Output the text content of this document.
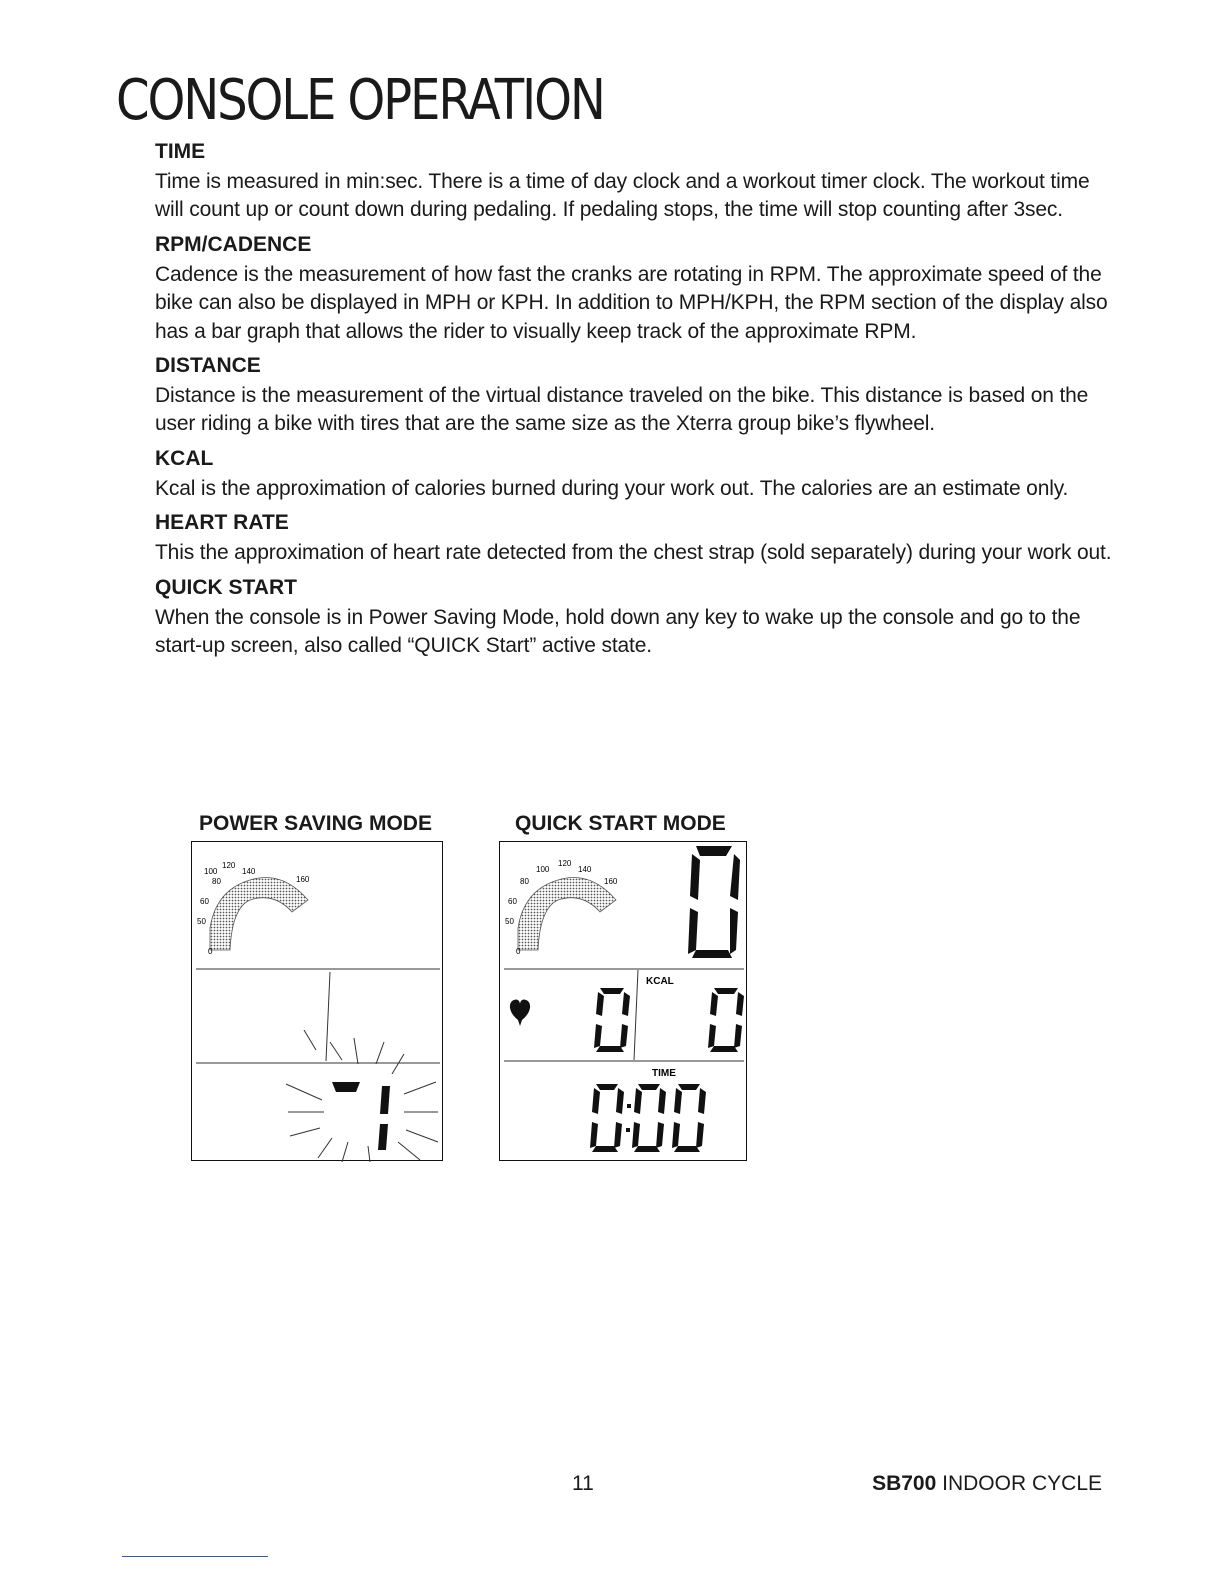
CONSOLE OPERATION
TIME

Time is measured in min:sec. There is a time of day clock and a workout timer clock. The workout time will count up or count down during pedaling. If pedaling stops, the time will stop counting after 3sec.

RPM/CADENCE

Cadence is the measurement of how fast the cranks are rotating in RPM. The approximate speed of the bike can also be displayed in MPH or KPH. In addition to MPH/KPH, the RPM section of the display also has a bar graph that allows the rider to visually keep track of the approximate RPM.

DISTANCE

Distance is the measurement of the virtual distance traveled on the bike. This distance is based on the user riding a bike with tires that are the same size as the Xterra group bike’s flywheel.

KCAL

Kcal is the approximation of calories burned during your work out. The calories are an estimate only.

HEART RATE

This the approximation of heart rate detected from the chest strap (sold separately) during your work out.

QUICK START

When the console is in Power Saving Mode, hold down any key to wake up the console and go to the start-up screen, also called “QUICK Start” active state.

POWER SAVING MODE
100
120
140
80	160
60
50
0
7
QUICK START MODE
100
120
140
80	160
60
50
0
0
KCAL
0	0
TIME
0:00
11	SB700 INDOOR CYCLE
